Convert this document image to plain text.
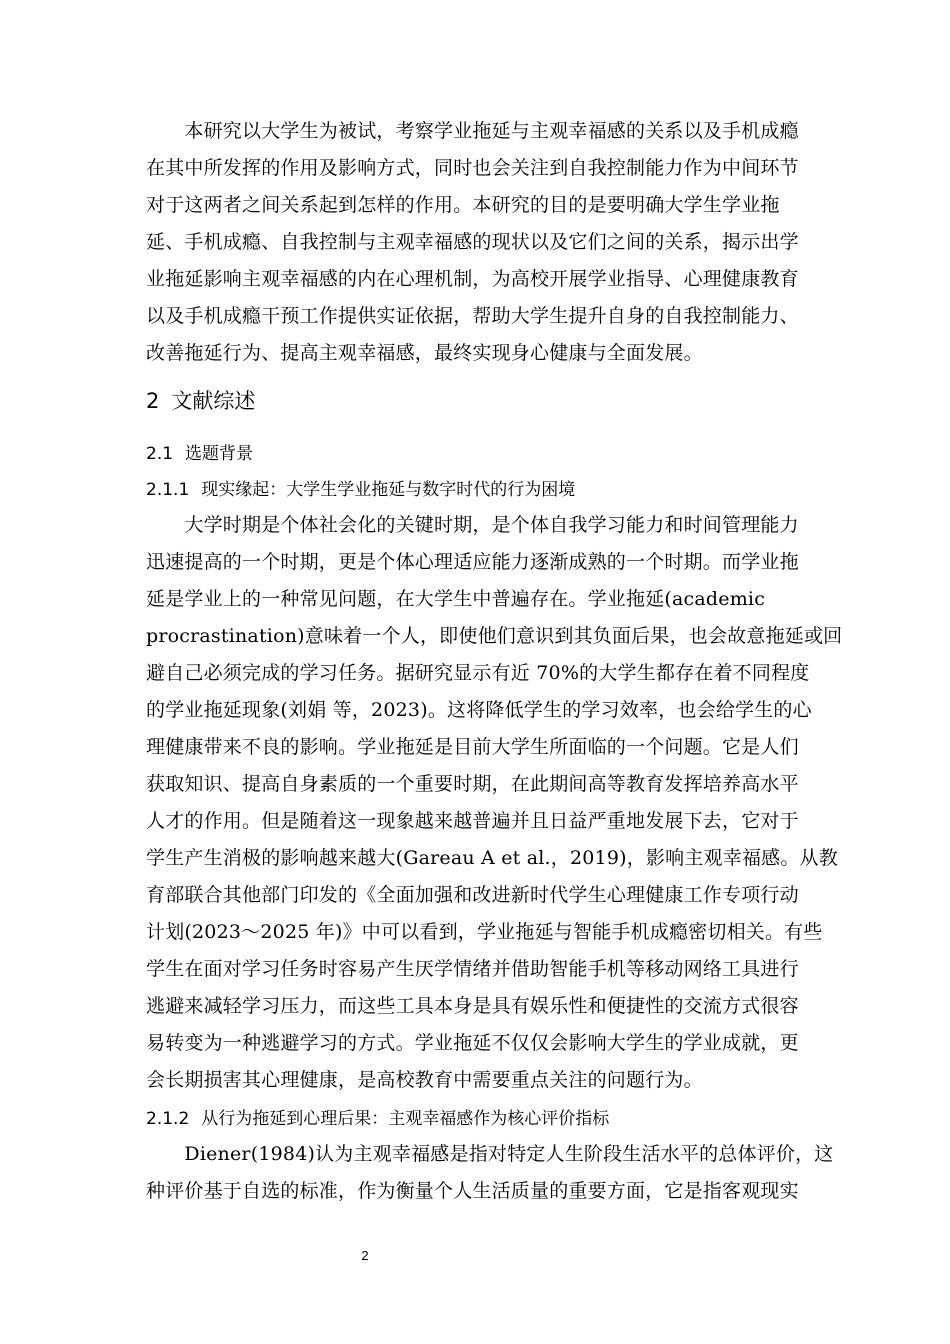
　　本研究以大学生为被试，考察学业拖延与主观幸福感的关系以及手机成瘾
在其中所发挥的作用及影响方式，同时也会关注到自我控制能力作为中间环节
对于这两者之间关系起到怎样的作用。本研究的目的是要明确大学生学业拖
延、手机成瘾、自我控制与主观幸福感的现状以及它们之间的关系，揭示出学
业拖延影响主观幸福感的内在心理机制，为高校开展学业指导、心理健康教育
以及手机成瘾干预工作提供实证依据，帮助大学生提升自身的自我控制能力、
改善拖延行为、提高主观幸福感，最终实现身心健康与全面发展。
2 文献综述
2.1 选题背景
2.1.1 现实缘起：大学生学业拖延与数字时代的行为困境
　　大学时期是个体社会化的关键时期，是个体自我学习能力和时间管理能力
迅速提高的一个时期，更是个体心理适应能力逐渐成熟的一个时期。而学业拖
延是学业上的一种常见问题，在大学生中普遍存在。学业拖延(academic
procrastination)意味着一个人，即使他们意识到其负面后果，也会故意拖延或回
避自己必须完成的学习任务。据研究显示有近 70%的大学生都存在着不同程度
的学业拖延现象(刘娟 等，2023)。这将降低学生的学习效率，也会给学生的心
理健康带来不良的影响。学业拖延是目前大学生所面临的一个问题。它是人们
获取知识、提高自身素质的一个重要时期，在此期间高等教育发挥培养高水平
人才的作用。但是随着这一现象越来越普遍并且日益严重地发展下去，它对于
学生产生消极的影响越来越大(Gareau A et al.，2019)，影响主观幸福感。从教
育部联合其他部门印发的《全面加强和改进新时代学生心理健康工作专项行动
计划(2023～2025 年)》中可以看到，学业拖延与智能手机成瘾密切相关。有些
学生在面对学习任务时容易产生厌学情绪并借助智能手机等移动网络工具进行
逃避来减轻学习压力，而这些工具本身是具有娱乐性和便捷性的交流方式很容
易转变为一种逃避学习的方式。学业拖延不仅仅会影响大学生的学业成就，更
会长期损害其心理健康，是高校教育中需要重点关注的问题行为。
2.1.2 从行为拖延到心理后果：主观幸福感作为核心评价指标
　　Diener(1984)认为主观幸福感是指对特定人生阶段生活水平的总体评价，这
种评价基于自选的标准，作为衡量个人生活质量的重要方面，它是指客观现实
2
